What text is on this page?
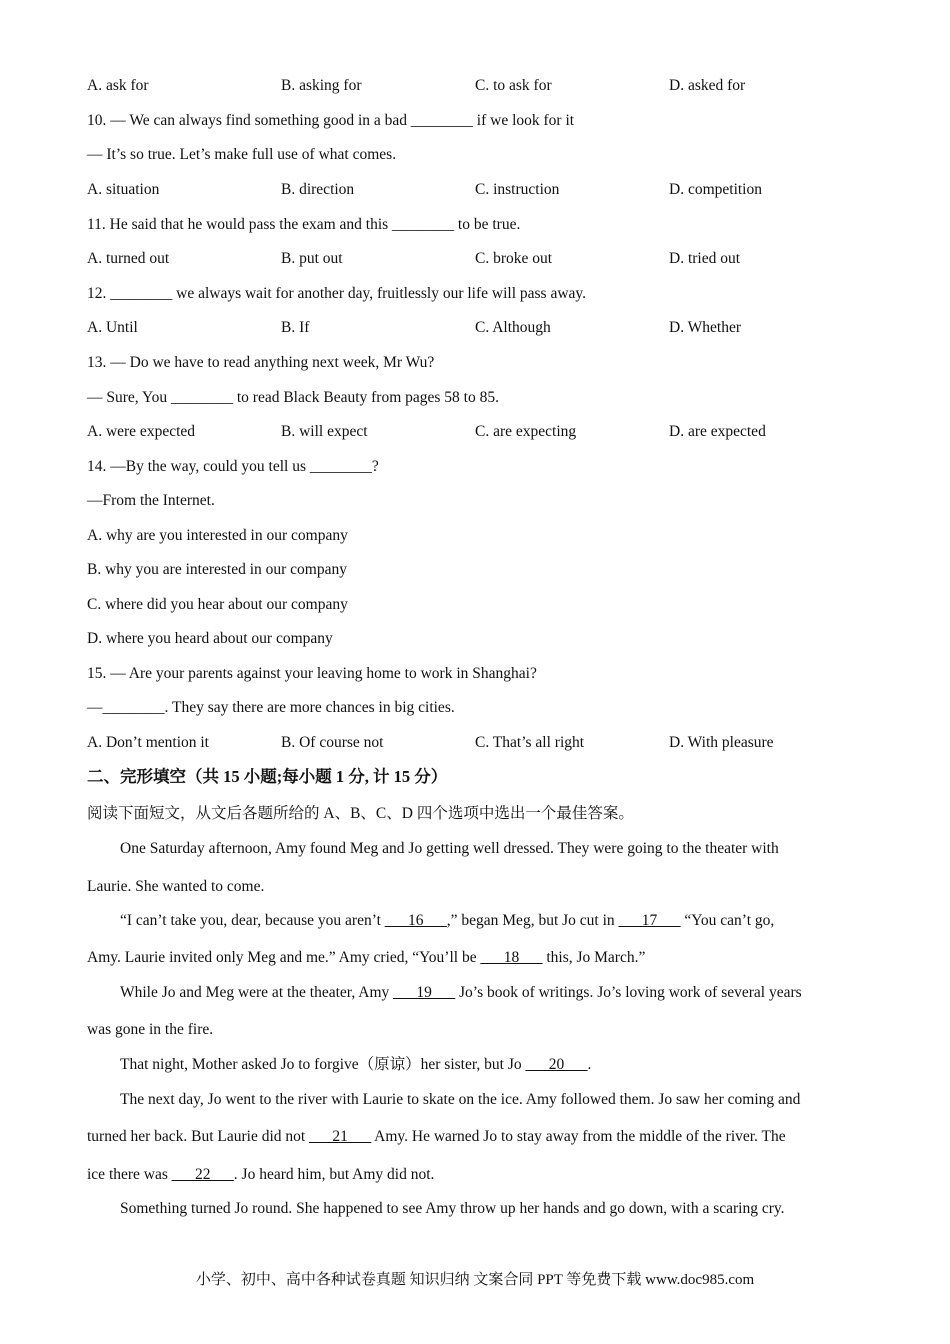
A. ask for	B. asking for	C. to ask for	D. asked for
10. — We can always find something good in a bad ________ if we look for it
— It’s so true. Let’s make full use of what comes.
A. situation	B. direction	C. instruction	D. competition
11. He said that he would pass the exam and this ________ to be true.
A. turned out	B. put out	C. broke out	D. tried out
12. ________ we always wait for another day, fruitlessly our life will pass away.
A. Until	B. If	C. Although	D. Whether
13. — Do we have to read anything next week, Mr Wu?
— Sure, You ________ to read Black Beauty from pages 58 to 85.
A. were expected	B. will expect	C. are expecting	D. are expected
14. —By the way, could you tell us ________?
—From the Internet.
A. why are you interested in our company
B. why you are interested in our company
C. where did you hear about our company
D. where you heard about our company
15. — Are your parents against your leaving home to work in Shanghai?
—________. They say there are more chances in big cities.
A. Don’t mention it	B. Of course not	C. That’s all right	D. With pleasure
二、完形填空（共 15 小题;每小题 1 分, 计 15 分）
阅读下面短文，从文后各题所给的 A、B、C、D 四个选项中选出一个最佳答案。
One Saturday afternoon, Amy found Meg and Jo getting well dressed. They were going to the theater with
Laurie. She wanted to come.
“I can’t take you, dear, because you aren’t ___16___,” began Meg, but Jo cut in ___17___ “You can’t go,
Amy. Laurie invited only Meg and me.” Amy cried, “You’ll be ___18___ this, Jo March.”
While Jo and Meg were at the theater, Amy ___19___ Jo’s book of writings. Jo’s loving work of several years
was gone in the fire.
That night, Mother asked Jo to forgive（原谅）her sister, but Jo ___20___.
The next day, Jo went to the river with Laurie to skate on the ice. Amy followed them. Jo saw her coming and
turned her back. But Laurie did not ___21___ Amy. He warned Jo to stay away from the middle of the river. The
ice there was ___22___. Jo heard him, but Amy did not.
Something turned Jo round. She happened to see Amy throw up her hands and go down, with a scaring cry.
小学、初中、高中各种试卷真题 知识归纳 文案合同 PPT 等免费下载 www.doc985.com
